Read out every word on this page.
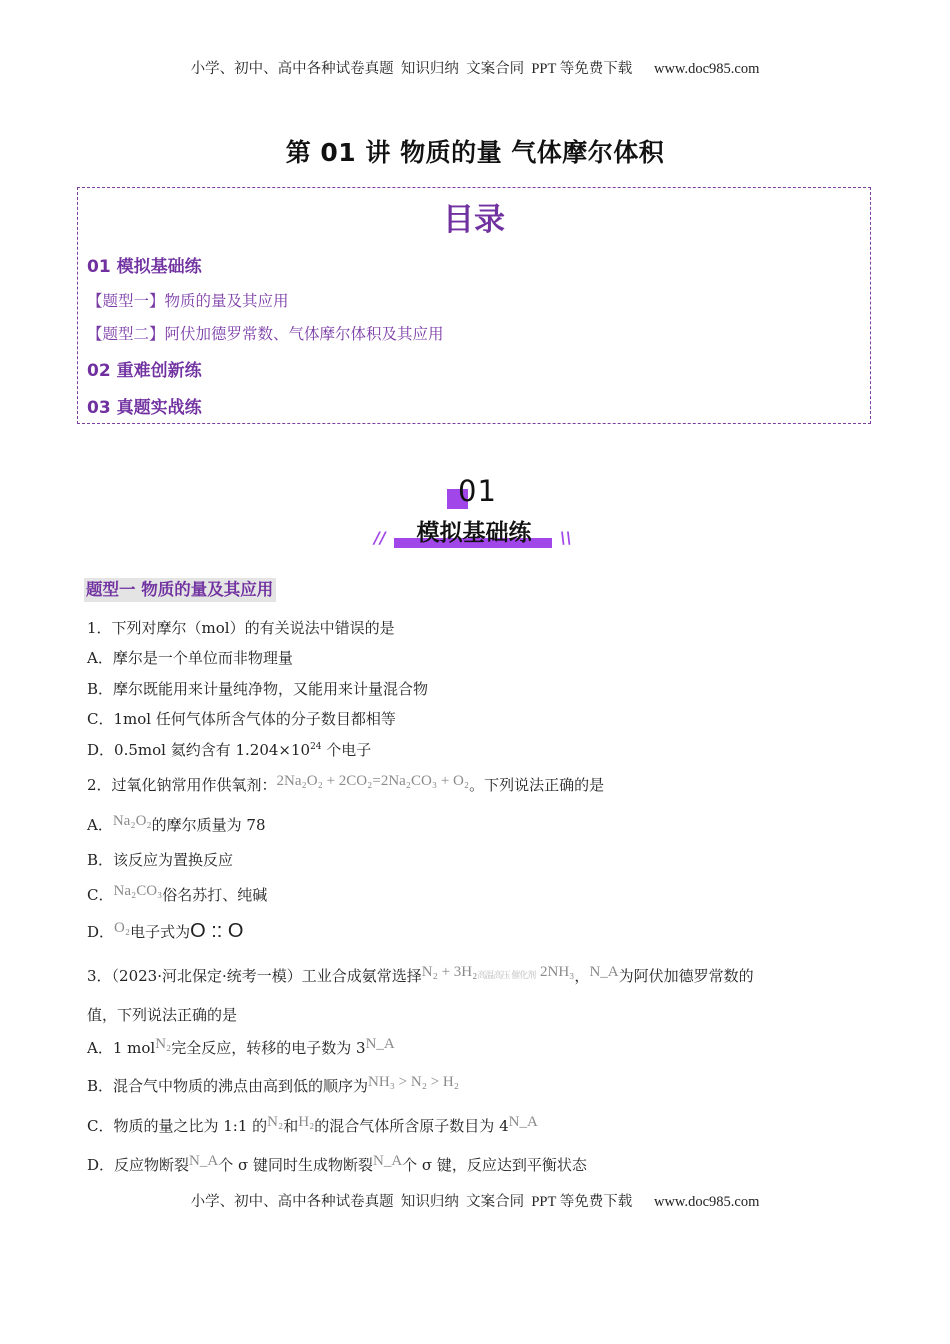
小学、初中、高中各种试卷真题  知识归纳  文案合同  PPT 等免费下载      www.doc985.com
第 01 讲 物质的量 气体摩尔体积
目录
01 模拟基础练
【题型一】物质的量及其应用
【题型二】阿伏加德罗常数、气体摩尔体积及其应用
02 重难创新练
03 真题实战练
01
模拟基础练
//	\\
题型一 物质的量及其应用
1．下列对摩尔（mol）的有关说法中错误的是
A．摩尔是一个单位而非物理量
B．摩尔既能用来计量纯净物，又能用来计量混合物
C．1mol 任何气体所含气体的分子数目都相等
D．0.5mol 氦约含有 $1.204\times 10^{24}$ 个电子
2．过氧化钠常用作供氧剂：2Na₂O₂ + 2CO₂=2Na₂CO₃ + O₂。下列说法正确的是
A．Na₂O₂的摩尔质量为 78
B．该反应为置换反应
C．Na₂CO₃俗名苏打、纯碱
D．O₂电子式为O :: O
3．（2023·河北保定·统考一模）工业合成氨常选择N₂ + 3H₂$^{高温高压 催化剂}$ 2NH₃，N_A为阿伏加德罗常数的
值，下列说法正确的是
A．1 molN₂完全反应，转移的电子数为 3N_A
B．混合气中物质的沸点由高到低的顺序为NH₃ > N₂ > H₂
C．物质的量之比为 1:1 的N₂和H₂的混合气体所含原子数目为 4N_A
D．反应物断裂N_A个 σ 键同时生成物断裂N_A个 σ 键，反应达到平衡状态
小学、初中、高中各种试卷真题  知识归纳  文案合同  PPT 等免费下载      www.doc985.com
